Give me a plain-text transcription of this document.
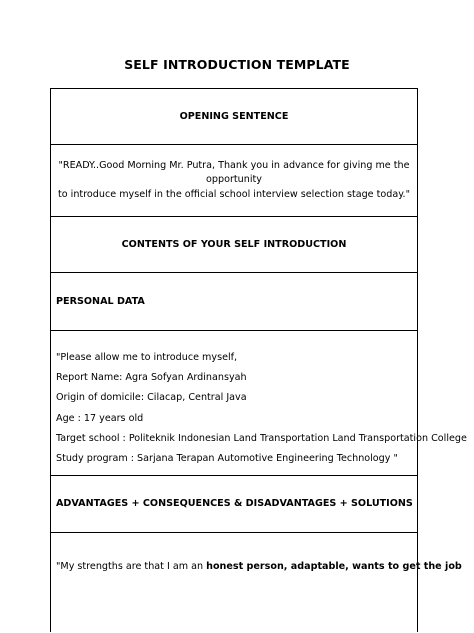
SELF INTRODUCTION TEMPLATE
OPENING SENTENCE
"READY..Good Morning Mr. Putra, Thank you in advance for giving me the opportunity
to introduce myself in the official school interview selection stage today."
CONTENTS OF YOUR SELF INTRODUCTION
PERSONAL DATA
"Please allow me to introduce myself,
Report Name: Agra Sofyan Ardinansyah
Origin of domicile: Cilacap, Central Java
Age : 17 years old
Target school : Politeknik Indonesian Land Transportation Land Transportation College
Study program : Sarjana Terapan Automotive Engineering Technology "
ADVANTAGES + CONSEQUENCES & DISADVANTAGES + SOLUTIONS
"My strengths are that I am an honest person, adaptable, wants to get the job
